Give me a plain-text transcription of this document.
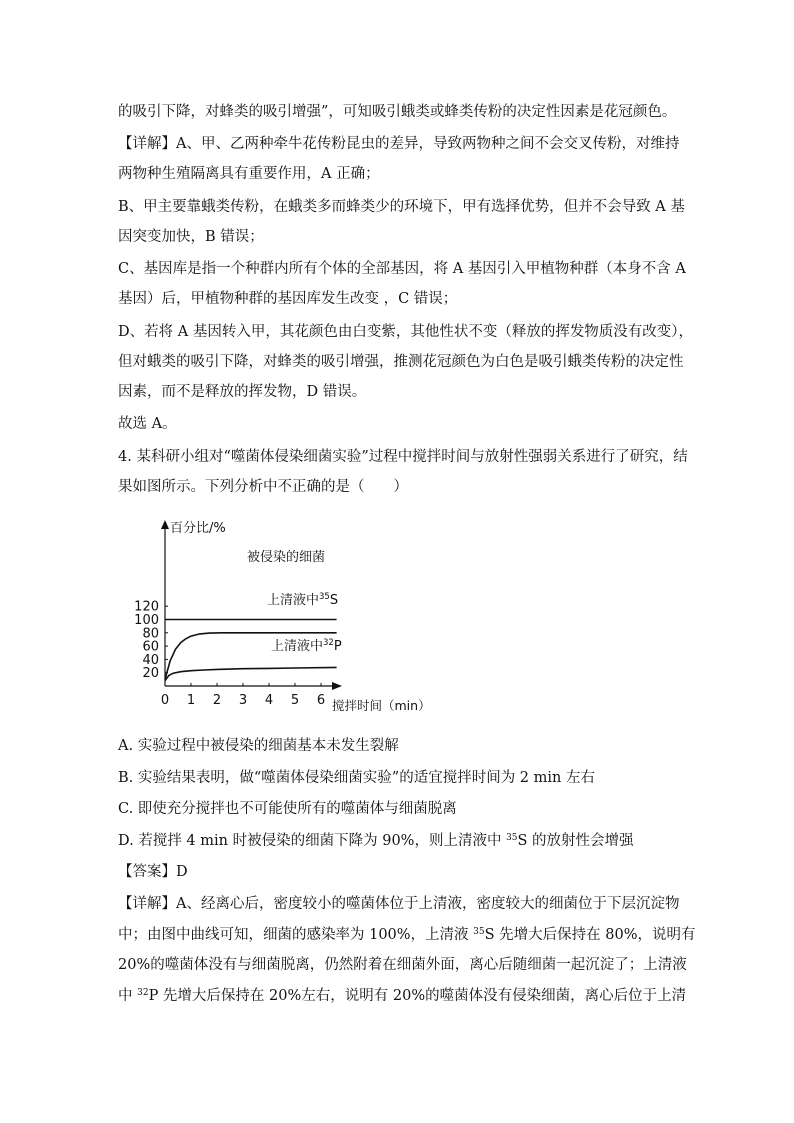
的吸引下降，对蜂类的吸引增强”，可知吸引蛾类或蜂类传粉的决定性因素是花冠颜色。
【详解】A、甲、乙两种牵牛花传粉昆虫的差异，导致两物种之间不会交叉传粉，对维持
两物种生殖隔离具有重要作用，A 正确；
B、甲主要靠蛾类传粉，在蛾类多而蜂类少的环境下，甲有选择优势，但并不会导致 A 基
因突变加快，B 错误；
C、基因库是指一个种群内所有个体的全部基因，将 A 基因引入甲植物种群（本身不含 A
基因）后，甲植物种群的基因库发生改变 ，C 错误；
D、若将 A 基因转入甲，其花颜色由白变紫，其他性状不变（释放的挥发物质没有改变），
但对蛾类的吸引下降，对蜂类的吸引增强，推测花冠颜色为白色是吸引蛾类传粉的决定性
因素，而不是释放的挥发物，D 错误。
故选 A。
4. 某科研小组对“噬菌体侵染细菌实验”过程中搅拌时间与放射性强弱关系进行了研究，结
果如图所示。下列分析中不正确的是（　　）
20
40
60
80
100
120
0 1 2 3 4 5 6
百分比/%
搅拌时间（min）
被侵染的细菌
上清液中$^{35}$S
上清液中$^{32}$P
A. 实验过程中被侵染的细菌基本未发生裂解
B. 实验结果表明，做“噬菌体侵染细菌实验”的适宜搅拌时间为 2 min 左右
C. 即使充分搅拌也不可能使所有的噬菌体与细菌脱离
D. 若搅拌 4 min 时被侵染的细菌下降为 90%，则上清液中 $^{35}$S 的放射性会增强
【答案】D
【详解】A、经离心后，密度较小的噬菌体位于上清液，密度较大的细菌位于下层沉淀物
中；由图中曲线可知，细菌的感染率为 100%，上清液 $^{35}$S 先增大后保持在 80%，说明有
20%的噬菌体没有与细菌脱离，仍然附着在细菌外面，离心后随细菌一起沉淀了；上清液
中 $^{32}$P 先增大后保持在 20%左右，说明有 20%的噬菌体没有侵染细菌，离心后位于上清
